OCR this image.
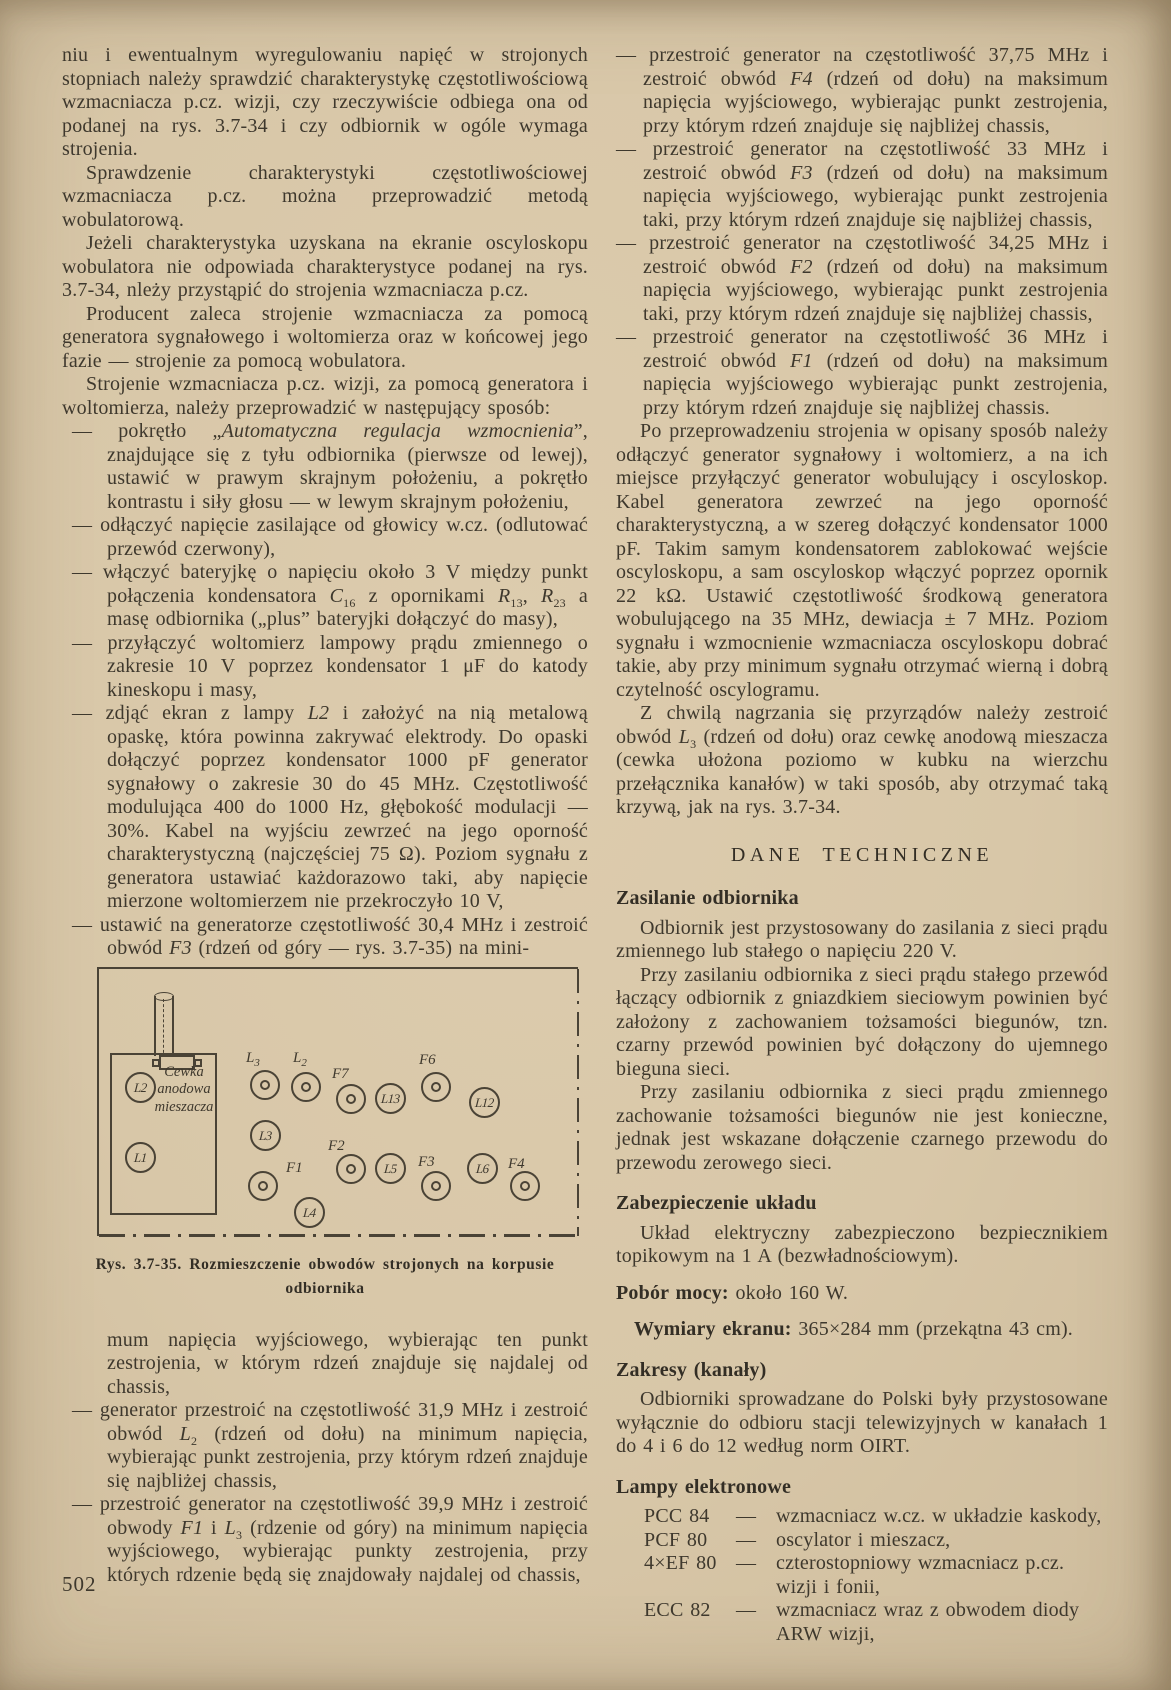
niu i ewentualnym wyregulowaniu napięć w strojonych stopniach należy sprawdzić charakterystykę częstotliwościową wzmacniacza p.cz. wizji, czy rzeczywiście odbiega ona od podanej na rys. 3.7-34 i czy odbiornik w ogóle wymaga strojenia.

Sprawdzenie charakterystyki częstotliwościowej wzmacniacza p.cz. można przeprowadzić metodą wobulatorową.

Jeżeli charakterystyka uzyskana na ekranie oscyloskopu wobulatora nie odpowiada charakterystyce podanej na rys. 3.7-34, nleży przystąpić do strojenia wzmacniacza p.cz.

Producent zaleca strojenie wzmacniacza za pomocą generatora sygnałowego i woltomierza oraz w końcowej jego fazie — strojenie za pomocą wobulatora.

Strojenie wzmacniacza p.cz. wizji, za pomocą generatora i woltomierza, należy przeprowadzić w następujący sposób:

— pokrętło „Automatyczna regulacja wzmocnienia”, znajdujące się z tyłu odbiornika (pierwsze od lewej), ustawić w prawym skrajnym położeniu, a pokrętło kontrastu i siły głosu — w lewym skrajnym położeniu,

— odłączyć napięcie zasilające od głowicy w.cz. (odlutować przewód czerwony),

— włączyć bateryjkę o napięciu około 3 V między punkt połączenia kondensatora $C_{16}$ z opornikami $R_{13}$, $R_{23}$ a masę odbiornika („plus” bateryjki dołączyć do masy),

— przyłączyć woltomierz lampowy prądu zmiennego o zakresie 10 V poprzez kondensator 1 μF do katody kineskopu i masy,

— zdjąć ekran z lampy L2 i założyć na nią metalową opaskę, która powinna zakrywać elektrody. Do opaski dołączyć poprzez kondensator 1000 pF generator sygnałowy o zakresie 30 do 45 MHz. Częstotliwość modulująca 400 do 1000 Hz, głębokość modulacji — 30%. Kabel na wyjściu zewrzeć na jego oporność charakterystyczną (najczęściej 75 Ω). Poziom sygnału z generatora ustawiać każdorazowo taki, aby napięcie mierzone woltomierzem nie przekroczyło 10 V,

— ustawić na generatorze częstotliwość 30,4 MHz i zestroić obwód F3 (rdzeń od góry — rys. 3.7-35) na mini-

Cewka
anodowa
mieszacza
L2
L1
$L_3$ $L_2$
F7
L13
F6
L12
L3
F1
F2
L5 F3	L6 F4
L4

Rys. 3.7-35. Rozmieszczenie obwodów strojonych na korpusie
odbiornika

mum napięcia wyjściowego, wybierając ten punkt zestrojenia, w którym rdzeń znajduje się najdalej od chassis,

— generator przestroić na częstotliwość 31,9 MHz i zestroić obwód $L_2$ (rdzeń od dołu) na minimum napięcia, wybierając punkt zestrojenia, przy którym rdzeń znajduje się najbliżej chassis,

— przestroić generator na częstotliwość 39,9 MHz i zestroić obwody F1 i $L_3$ (rdzenie od góry) na minimum napięcia wyjściowego, wybierając punkty zestrojenia, przy których rdzenie będą się znajdowały najdalej od chassis,

— przestroić generator na częstotliwość 37,75 MHz i zestroić obwód F4 (rdzeń od dołu) na maksimum napięcia wyjściowego, wybierając punkt zestrojenia, przy którym rdzeń znajduje się najbliżej chassis,

— przestroić generator na częstotliwość 33 MHz i zestroić obwód F3 (rdzeń od dołu) na maksimum napięcia wyjściowego, wybierając punkt zestrojenia taki, przy którym rdzeń znajduje się najbliżej chassis,

— przestroić generator na częstotliwość 34,25 MHz i zestroić obwód F2 (rdzeń od dołu) na maksimum napięcia wyjściowego, wybierając punkt zestrojenia taki, przy którym rdzeń znajduje się najbliżej chassis,

— przestroić generator na częstotliwość 36 MHz i zestroić obwód F1 (rdzeń od dołu) na maksimum napięcia wyjściowego wybierając punkt zestrojenia, przy którym rdzeń znajduje się najbliżej chassis.

Po przeprowadzeniu strojenia w opisany sposób należy odłączyć generator sygnałowy i woltomierz, a na ich miejsce przyłączyć generator wobulujący i oscyloskop. Kabel generatora zewrzeć na jego oporność charakterystyczną, a w szereg dołączyć kondensator 1000 pF. Takim samym kondensatorem zablokować wejście oscyloskopu, a sam oscyloskop włączyć poprzez opornik 22 kΩ. Ustawić częstotliwość środkową generatora wobulującego na 35 MHz, dewiacja ± 7 MHz. Poziom sygnału i wzmocnienie wzmacniacza oscyloskopu dobrać takie, aby przy minimum sygnału otrzymać wierną i dobrą czytelność oscylogramu.

Z chwilą nagrzania się przyrządów należy zestroić obwód $L_3$ (rdzeń od dołu) oraz cewkę anodową mieszacza (cewka ułożona poziomo w kubku na wierzchu przełącznika kanałów) w taki sposób, aby otrzymać taką krzywą, jak na rys. 3.7-34.

DANE TECHNICZNE

Zasilanie odbiornika

Odbiornik jest przystosowany do zasilania z sieci prądu zmiennego lub stałego o napięciu 220 V.

Przy zasilaniu odbiornika z sieci prądu stałego przewód łączący odbiornik z gniazdkiem sieciowym powinien być założony z zachowaniem tożsamości biegunów, tzn. czarny przewód powinien być dołączony do ujemnego bieguna sieci.

Przy zasilaniu odbiornika z sieci prądu zmiennego zachowanie tożsamości biegunów nie jest konieczne, jednak jest wskazane dołączenie czarnego przewodu do przewodu zerowego sieci.

Zabezpieczenie układu

Układ elektryczny zabezpieczono bezpiecznikiem topikowym na 1 A (bezwładnościowym).

Pobór mocy: około 160 W.

Wymiary ekranu: 365×284 mm (przekątna 43 cm).

Zakresy (kanały)

Odbiorniki sprowadzane do Polski były przystosowane wyłącznie do odbioru stacji telewizyjnych w kanałach 1 do 4 i 6 do 12 według norm OIRT.

Lampy elektronowe

PCC 84	— wzmacniacz w.cz. w układzie kaskody,
PCF 80	— oscylator i mieszacz,
4×EF 80 — czterostopniowy wzmacniacz p.cz. wizji i fonii,
ECC 82	— wzmacniacz wraz z obwodem diody ARW wizji,
502
